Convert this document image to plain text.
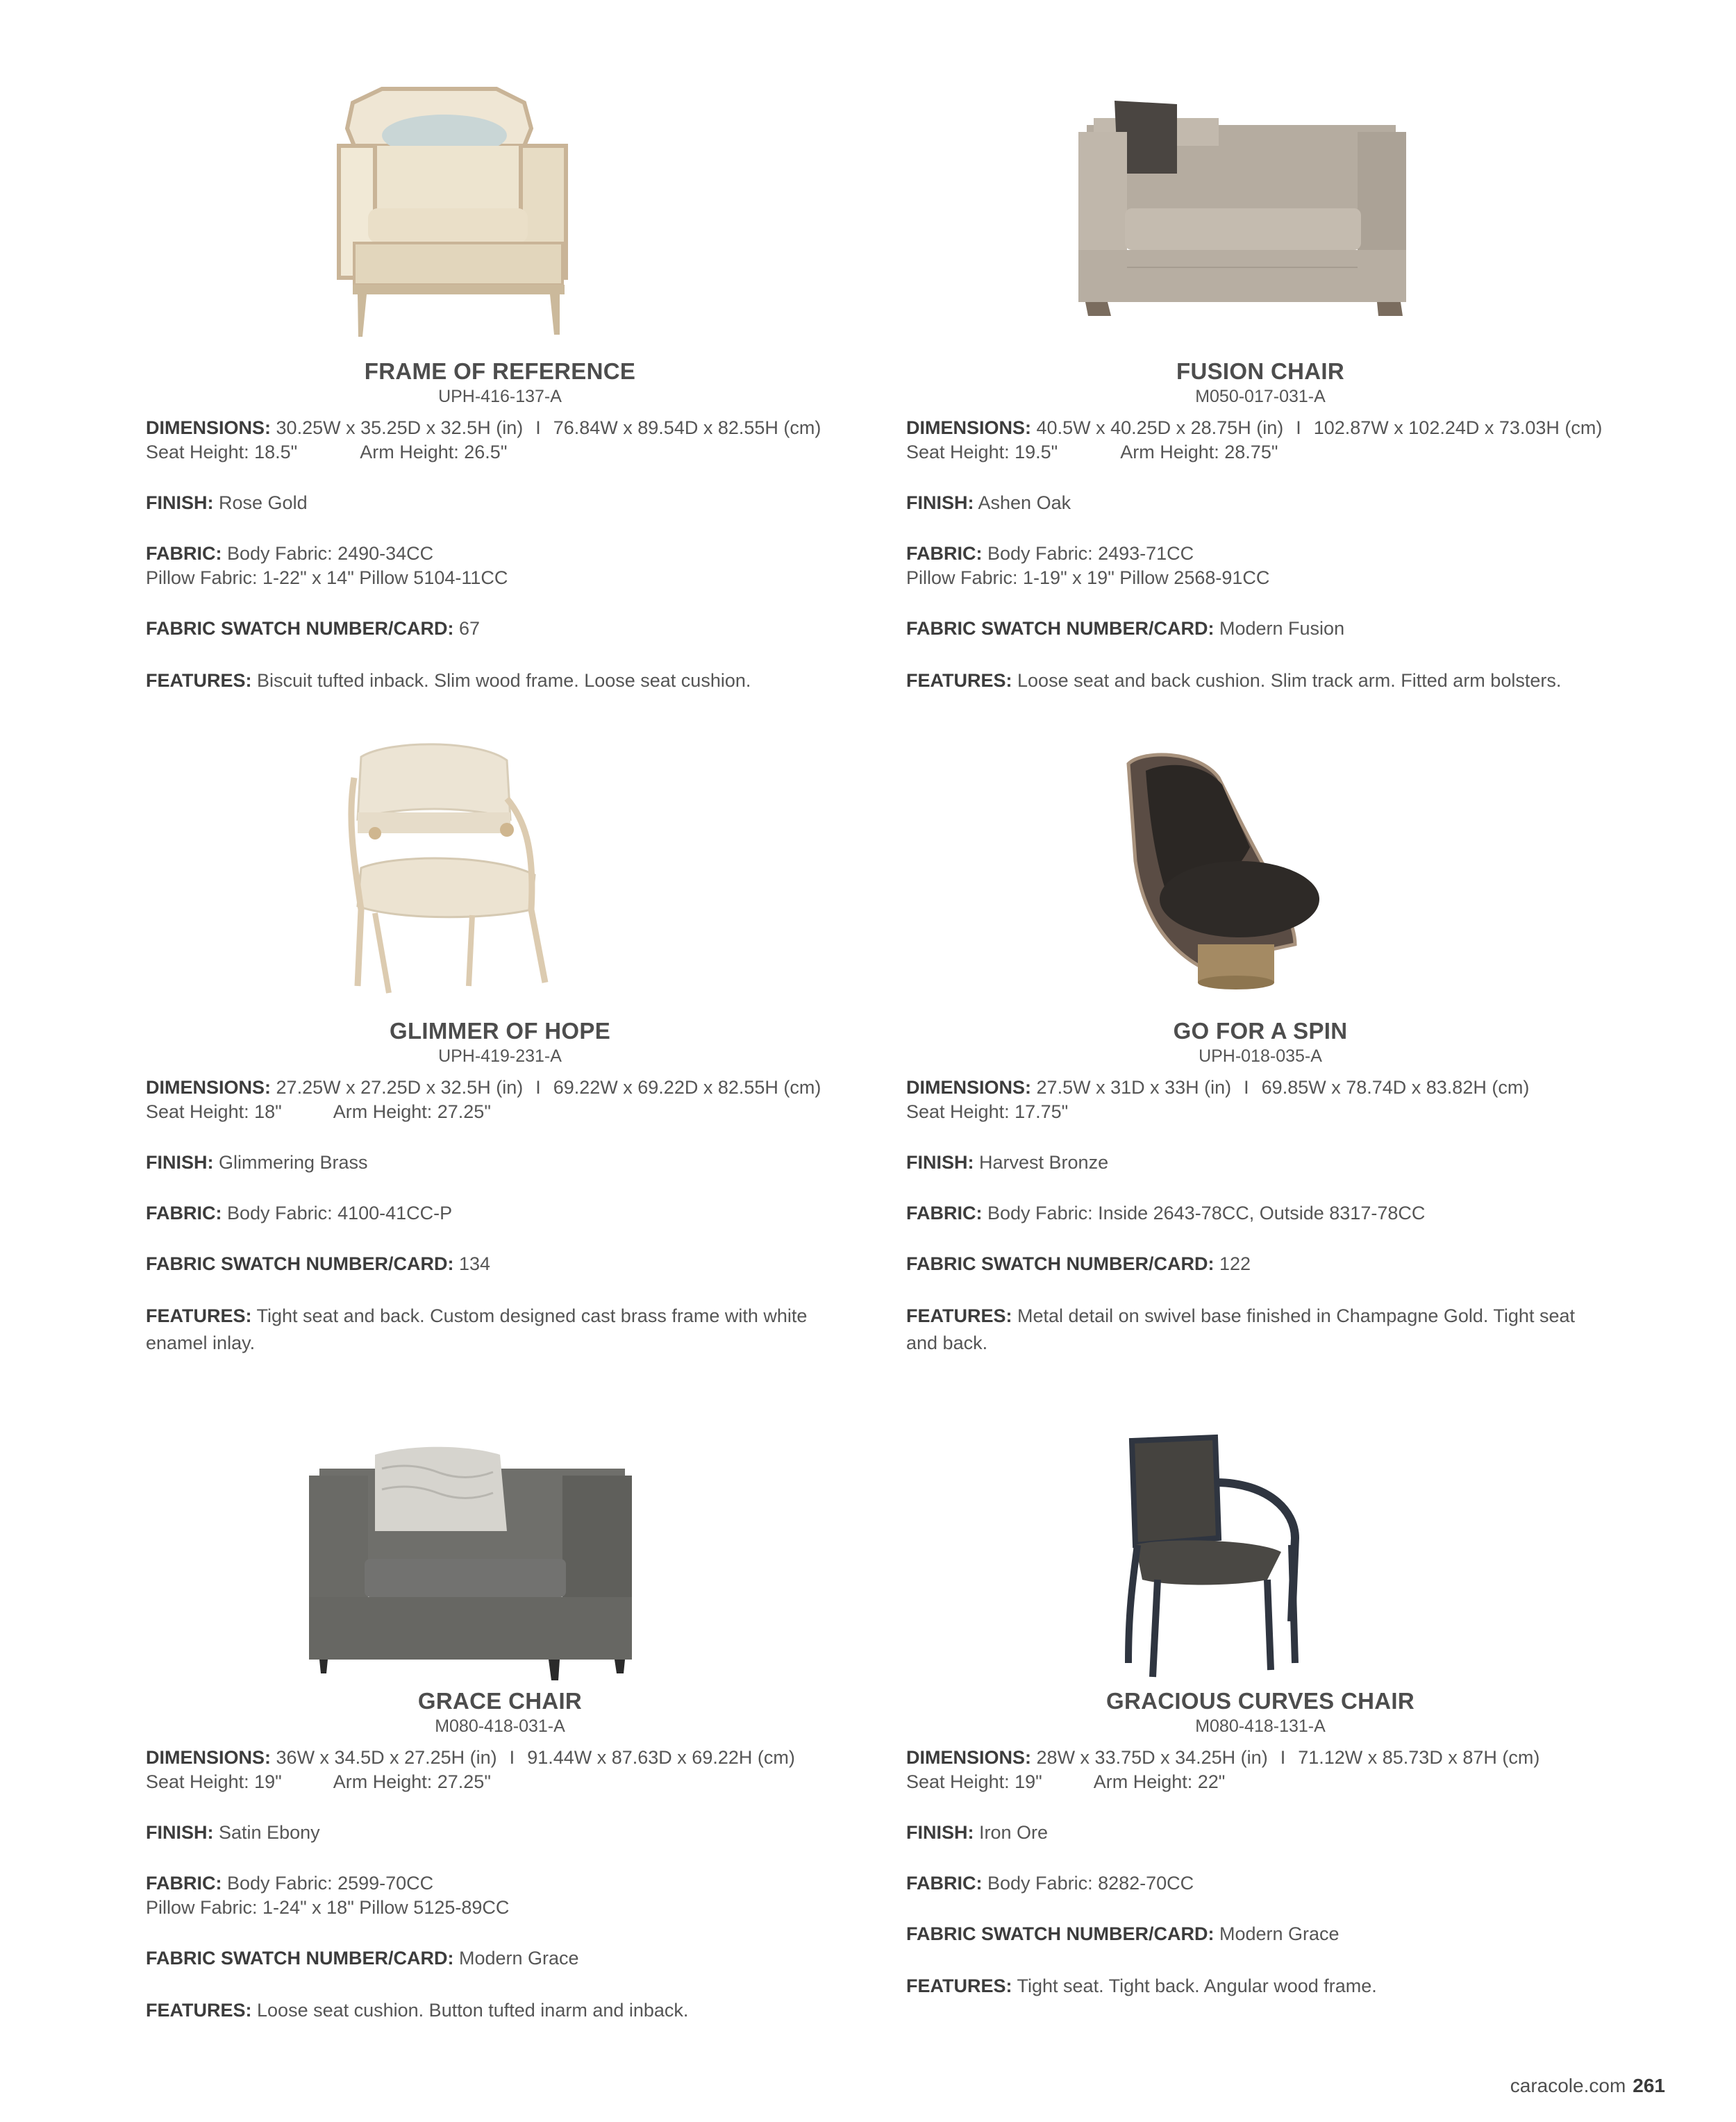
FRAME OF REFERENCE
UPH-416-137-A
DIMENSIONS: 30.25W x 35.25D x 32.5H (in) I 76.84W x 89.54D x 82.55H (cm)
Seat Height: 18.5"	Arm Height: 26.5"
FINISH: Rose Gold
FABRIC: Body Fabric: 2490-34CC
Pillow Fabric: 1-22" x 14" Pillow 5104-11CC
FABRIC SWATCH NUMBER/CARD: 67
FEATURES: Biscuit tufted inback. Slim wood frame. Loose seat cushion.
FUSION CHAIR
M050-017-031-A
DIMENSIONS: 40.5W x 40.25D x 28.75H (in) I 102.87W x 102.24D x 73.03H (cm)
Seat Height: 19.5"	Arm Height: 28.75"
FINISH: Ashen Oak
FABRIC: Body Fabric: 2493-71CC
Pillow Fabric: 1-19" x 19" Pillow 2568-91CC
FABRIC SWATCH NUMBER/CARD: Modern Fusion
FEATURES: Loose seat and back cushion. Slim track arm. Fitted arm bolsters.
GLIMMER OF HOPE
UPH-419-231-A
DIMENSIONS: 27.25W x 27.25D x 32.5H (in) I 69.22W x 69.22D x 82.55H (cm)
Seat Height: 18"	Arm Height: 27.25"
FINISH: Glimmering Brass
FABRIC: Body Fabric: 4100-41CC-P
FABRIC SWATCH NUMBER/CARD: 134
FEATURES: Tight seat and back. Custom designed cast brass frame with white enamel inlay.
GO FOR A SPIN
UPH-018-035-A
DIMENSIONS: 27.5W x 31D x 33H (in) I 69.85W x 78.74D x 83.82H (cm)
Seat Height: 17.75"
FINISH: Harvest Bronze
FABRIC: Body Fabric: Inside 2643-78CC, Outside 8317-78CC
FABRIC SWATCH NUMBER/CARD: 122
FEATURES: Metal detail on swivel base finished in Champagne Gold. Tight seat and back.
GRACE CHAIR
M080-418-031-A
DIMENSIONS: 36W x 34.5D x 27.25H (in) I 91.44W x 87.63D x 69.22H (cm)
Seat Height: 19"	Arm Height: 27.25"
FINISH: Satin Ebony
FABRIC: Body Fabric: 2599-70CC
Pillow Fabric: 1-24" x 18" Pillow 5125-89CC
FABRIC SWATCH NUMBER/CARD: Modern Grace
FEATURES: Loose seat cushion. Button tufted inarm and inback.
GRACIOUS CURVES CHAIR
M080-418-131-A
DIMENSIONS: 28W x 33.75D x 34.25H (in) I 71.12W x 85.73D x 87H (cm)
Seat Height: 19"	Arm Height: 22"
FINISH: Iron Ore
FABRIC: Body Fabric: 8282-70CC
FABRIC SWATCH NUMBER/CARD: Modern Grace
FEATURES: Tight seat. Tight back. Angular wood frame.
caracole.com 261
